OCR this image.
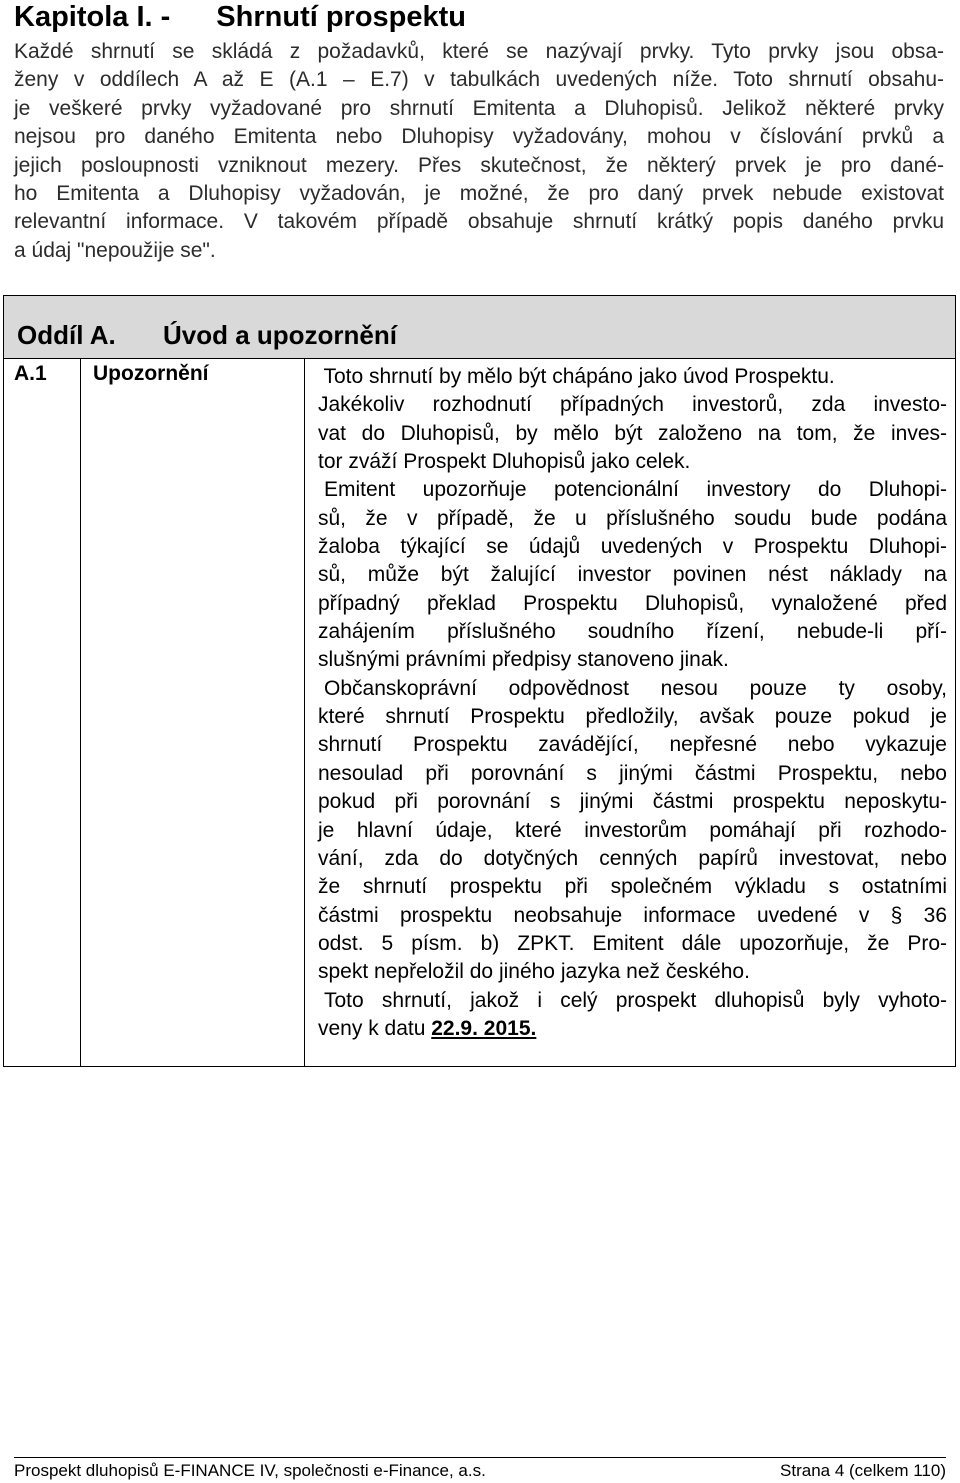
Kapitola I. - Shrnutí prospektu
Každé shrnutí se skládá z požadavků, které se nazývají prvky. Tyto prvky jsou obsa-
ženy v oddílech A až E (A.1 – E.7) v tabulkách uvedených níže. Toto shrnutí obsahu-
je veškeré prvky vyžadované pro shrnutí Emitenta a Dluhopisů. Jelikož některé prvky
nejsou pro daného Emitenta nebo Dluhopisy vyžadovány, mohou v číslování prvků a
jejich posloupnosti vzniknout mezery. Přes skutečnost, že některý prvek je pro dané-
ho Emitenta a Dluhopisy vyžadován, je možné, že pro daný prvek nebude existovat
relevantní informace. V takovém případě obsahuje shrnutí krátký popis daného prvku
a údaj "nepoužije se".
Oddíl A. Úvod a upozornění
A.1 Upozornění	Toto shrnutí by mělo být chápáno jako úvod Prospektu.
Jakékoliv rozhodnutí případných investorů, zda investo-
vat do Dluhopisů, by mělo být založeno na tom, že inves-
tor zváží Prospekt Dluhopisů jako celek.
Emitent upozorňuje potencionální investory do Dluhopi-
sů, že v případě, že u příslušného soudu bude podána
žaloba týkající se údajů uvedených v Prospektu Dluhopi-
sů, může být žalující investor povinen nést náklady na
případný překlad Prospektu Dluhopisů, vynaložené před
zahájením příslušného soudního řízení, nebude-li pří-
slušnými právními předpisy stanoveno jinak.
Občanskoprávní odpovědnost nesou pouze ty osoby,
které shrnutí Prospektu předložily, avšak pouze pokud je
shrnutí Prospektu zavádějící, nepřesné nebo vykazuje
nesoulad při porovnání s jinými částmi Prospektu, nebo
pokud při porovnání s jinými částmi prospektu neposkytu-
je hlavní údaje, které investorům pomáhají při rozhodo-
vání, zda do dotyčných cenných papírů investovat, nebo
že shrnutí prospektu při společném výkladu s ostatními
částmi prospektu neobsahuje informace uvedené v § 36
odst. 5 písm. b) ZPKT. Emitent dále upozorňuje, že Pro-
spekt nepřeložil do jiného jazyka než českého.
Toto shrnutí, jakož i celý prospekt dluhopisů byly vyhoto-
veny k datu 22.9. 2015.
Prospekt dluhopisů E-FINANCE IV, společnosti e-Finance, a.s.	Strana 4 (celkem 110)
